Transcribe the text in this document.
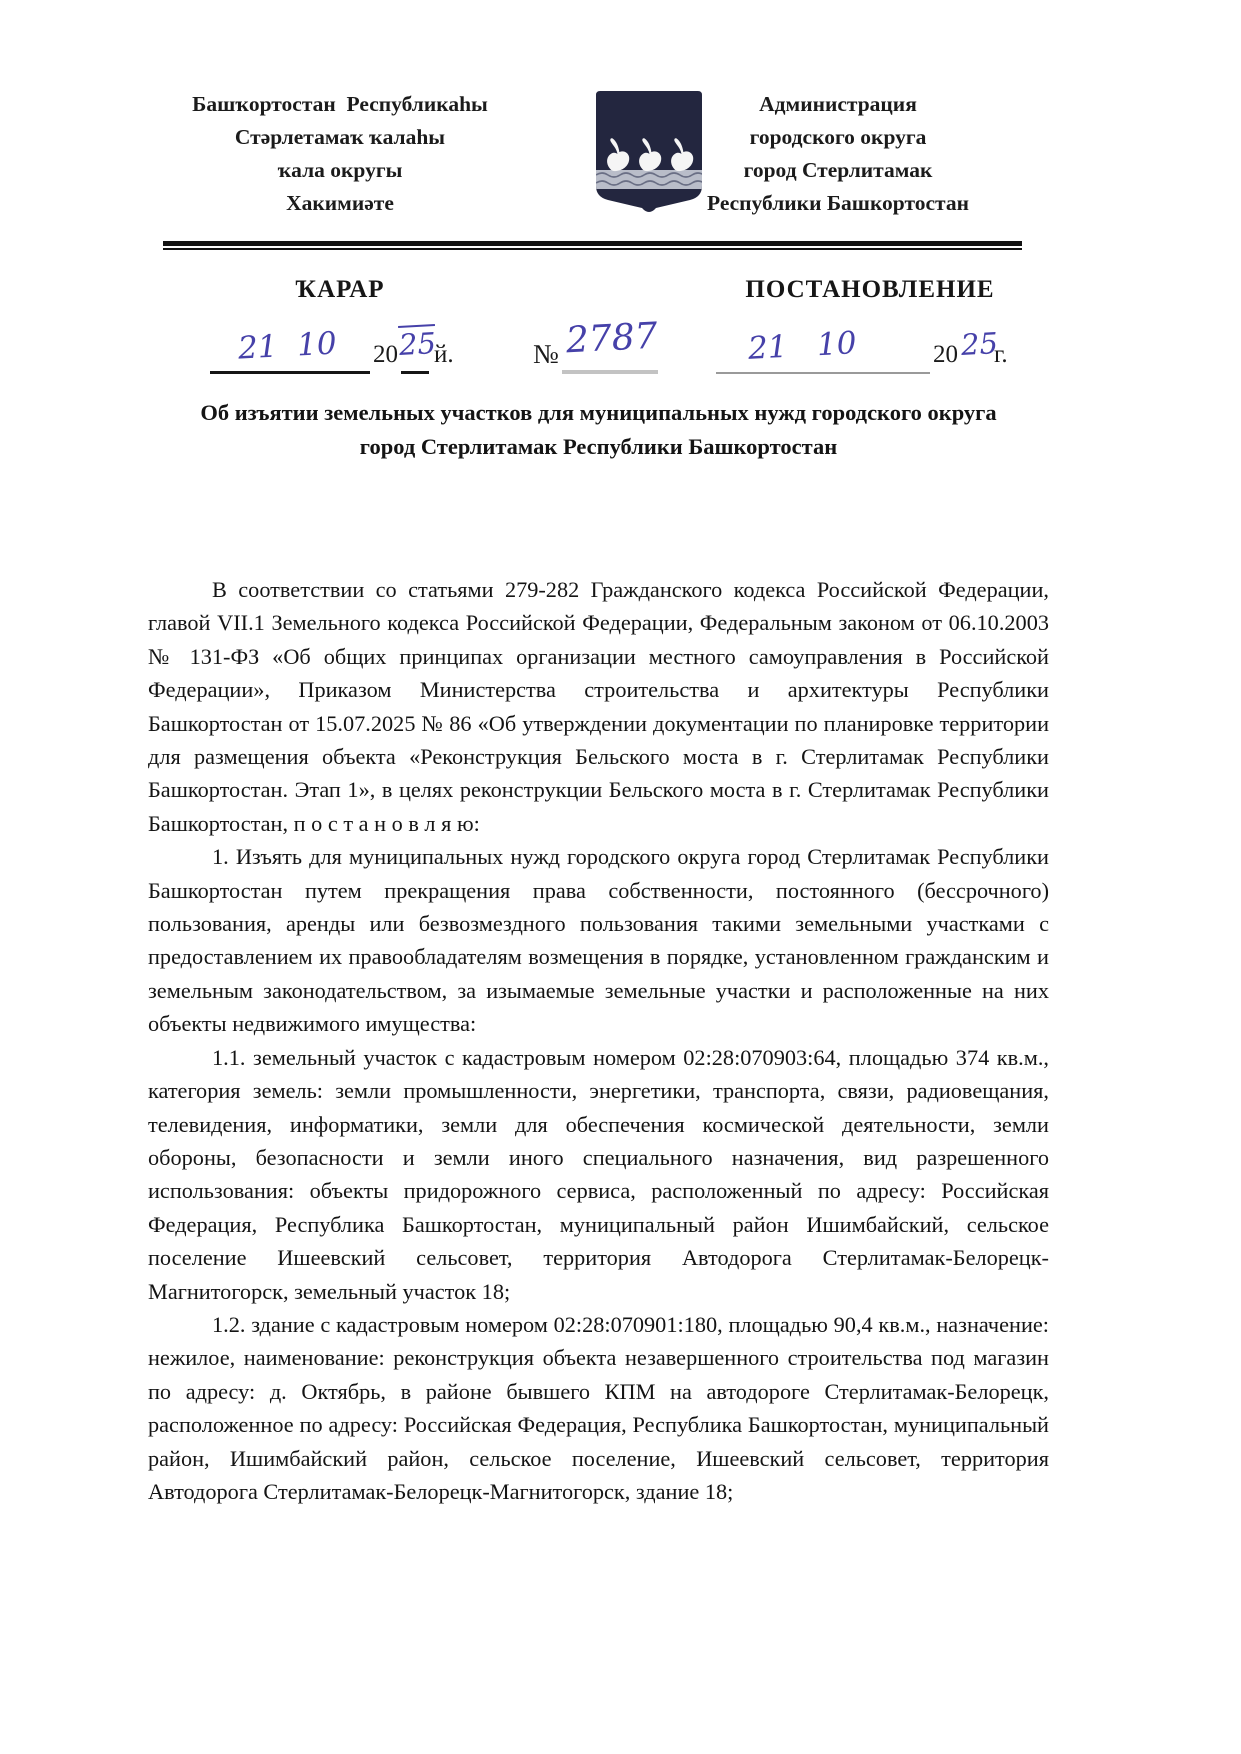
Башҡортостан  Республикаһы
Стәрлетамаҡ ҡалаһы
ҡала округы
Хакимиәте
Администрация
городского округа
город Стерлитамак
Республики Башкортостан
ҠАРАР	ПОСТАНОВЛЕНИЕ
21  10 20 25
й.	№ 2787	21   10	20 25
г.
Об изъятии земельных участков для муниципальных нужд городского округа
город Стерлитамак Республики Башкортостан

В соответствии со статьями 279-282 Гражданского кодекса Российской Федерации, главой VII.1 Земельного кодекса Российской Федерации, Федеральным законом от 06.10.2003 № 131-ФЗ «Об общих принципах организации местного самоуправления в Российской Федерации», Приказом Министерства строительства и архитектуры Республики Башкортостан от 15.07.2025 № 86 «Об утверждении документации по планировке территории для размещения объекта «Реконструкция Бельского моста в г. Стерлитамак Республики Башкортостан. Этап 1», в целях реконструкции Бельского моста в г. Стерлитамак Республики Башкортостан, п о с т а н о в л я ю:

1. Изъять для муниципальных нужд городского округа город Стерлитамак Республики Башкортостан путем прекращения права собственности, постоянного (бессрочного) пользования, аренды или безвозмездного пользования такими земельными участками с предоставлением их правообладателям возмещения в порядке, установленном гражданским и земельным законодательством, за изымаемые земельные участки и расположенные на них объекты недвижимого имущества:

1.1. земельный участок с кадастровым номером 02:28:070903:64, площадью 374 кв.м., категория земель: земли промышленности, энергетики, транспорта, связи, радиовещания, телевидения, информатики, земли для обеспечения космической деятельности, земли обороны, безопасности и земли иного специального назначения, вид разрешенного использования: объекты придорожного сервиса, расположенный по адресу: Российская Федерация, Республика Башкортостан, муниципальный район Ишимбайский, сельское поселение Ишеевский сельсовет, территория Автодорога Стерлитамак-Белорецк-Магнитогорск, земельный участок 18;

1.2. здание с кадастровым номером 02:28:070901:180, площадью 90,4 кв.м., назначение: нежилое, наименование: реконструкция объекта незавершенного строительства под магазин по адресу: д. Октябрь, в районе бывшего КПМ на автодороге Стерлитамак-Белорецк, расположенное по адресу: Российская Федерация, Республика Башкортостан, муниципальный район, Ишимбайский район, сельское поселение, Ишеевский сельсовет, территория Автодорога Стерлитамак-Белорецк-Магнитогорск, здание 18;
